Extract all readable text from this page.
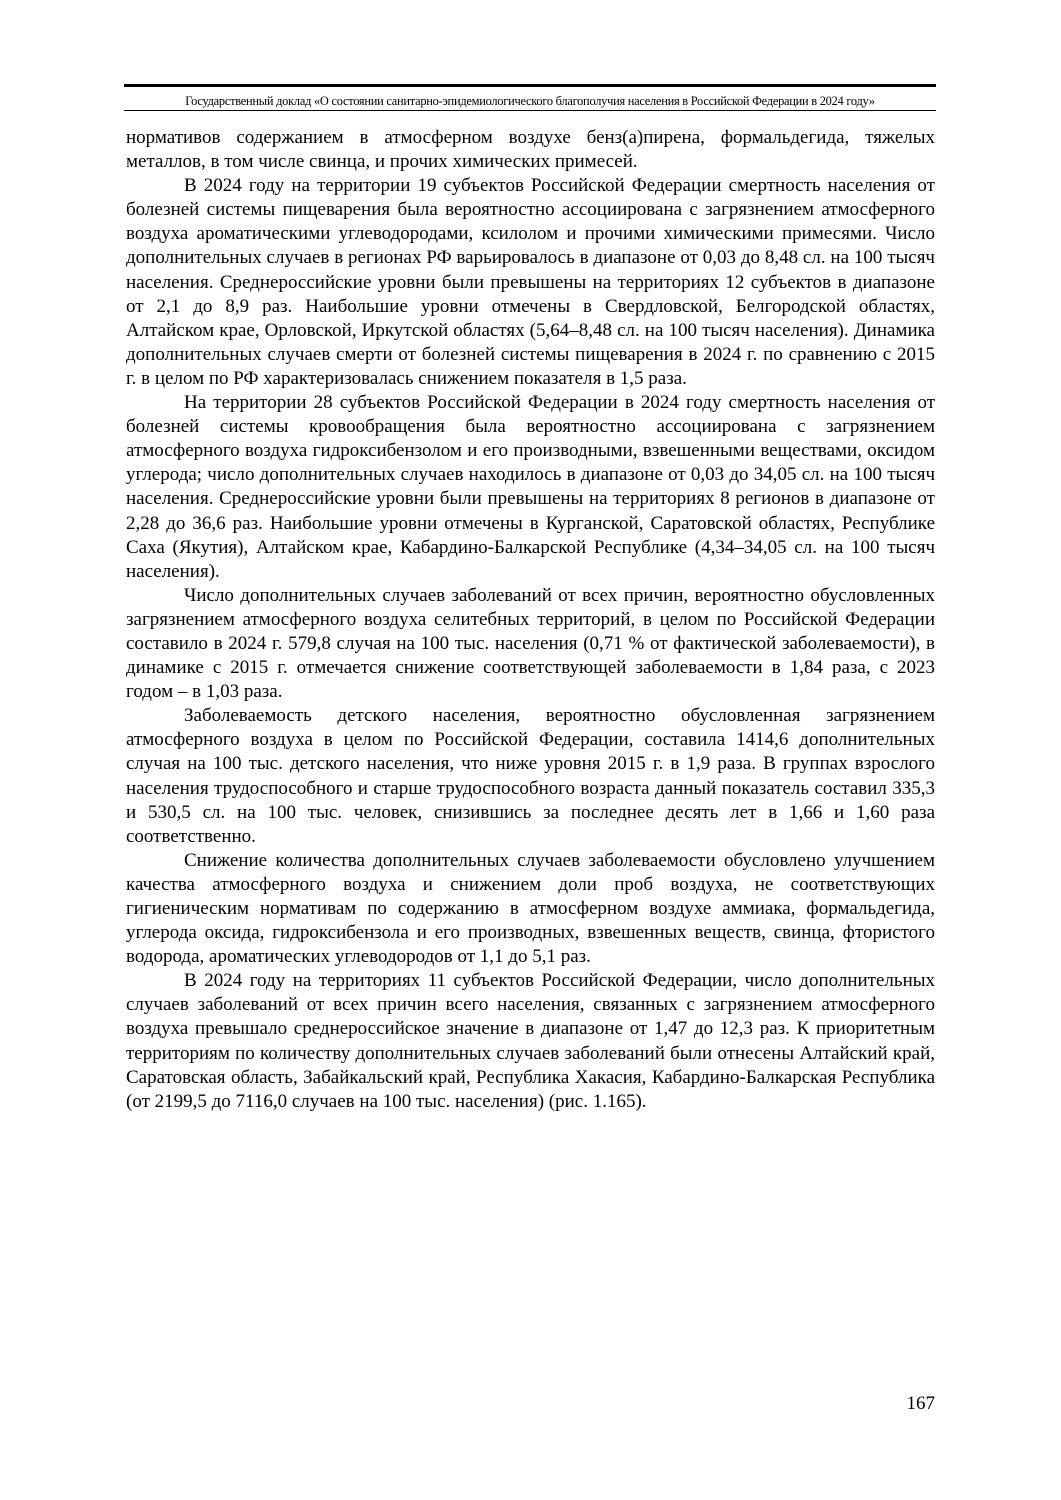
Государственный доклад «О состоянии санитарно-эпидемиологического благополучия населения в Российской Федерации в 2024 году»

нормативов содержанием в атмосферном воздухе бенз(а)пирена, формальдегида, тяжелых металлов, в том числе свинца, и прочих химических примесей.

В 2024 году на территории 19 субъектов Российской Федерации смертность населения от болезней системы пищеварения была вероятностно ассоциирована с загрязнением атмосферного воздуха ароматическими углеводородами, ксилолом и прочими химическими примесями. Число дополнительных случаев в регионах РФ варьировалось в диапазоне от 0,03 до 8,48 сл. на 100 тысяч населения. Среднероссийские уровни были превышены на территориях 12 субъектов в диапазоне от 2,1 до 8,9 раз. Наибольшие уровни отмечены в Свердловской, Белгородской областях, Алтайском крае, Орловской, Иркутской областях (5,64–8,48 сл. на 100 тысяч населения). Динамика дополнительных случаев смерти от болезней системы пищеварения в 2024 г. по сравнению с 2015 г. в целом по РФ характеризовалась снижением показателя в 1,5 раза.

На территории 28 субъектов Российской Федерации в 2024 году смертность населения от болезней системы кровообращения была вероятностно ассоциирована с загрязнением атмосферного воздуха гидроксибензолом и его производными, взвешенными веществами, оксидом углерода; число дополнительных случаев находилось в диапазоне от 0,03 до 34,05 сл. на 100 тысяч населения. Среднероссийские уровни были превышены на территориях 8 регионов в диапазоне от 2,28 до 36,6 раз. Наибольшие уровни отмечены в Курганской, Саратовской областях, Республике Саха (Якутия), Алтайском крае, Кабардино-Балкарской Республике (4,34–34,05 сл. на 100 тысяч населения).

Число дополнительных случаев заболеваний от всех причин, вероятностно обусловленных загрязнением атмосферного воздуха селитебных территорий, в целом по Российской Федерации составило в 2024 г. 579,8 случая на 100 тыс. населения (0,71 % от фактической заболеваемости), в динамике с 2015 г. отмечается снижение соответствующей заболеваемости в 1,84 раза, с 2023 годом – в 1,03 раза.

Заболеваемость детского населения, вероятностно обусловленная загрязнением атмосферного воздуха в целом по Российской Федерации, составила 1414,6 дополнительных случая на 100 тыс. детского населения, что ниже уровня 2015 г. в 1,9 раза. В группах взрослого населения трудоспособного и старше трудоспособного возраста данный показатель составил 335,3 и 530,5 сл. на 100 тыс. человек, снизившись за последнее десять лет в 1,66 и 1,60 раза соответственно.

Снижение количества дополнительных случаев заболеваемости обусловлено улучшением качества атмосферного воздуха и снижением доли проб воздуха, не соответствующих гигиеническим нормативам по содержанию в атмосферном воздухе аммиака, формальдегида, углерода оксида, гидроксибензола и его производных, взвешенных веществ, свинца, фтористого водорода, ароматических углеводородов от 1,1 до 5,1 раз.

В 2024 году на территориях 11 субъектов Российской Федерации, число дополнительных случаев заболеваний от всех причин всего населения, связанных с загрязнением атмосферного воздуха превышало среднероссийское значение в диапазоне от 1,47 до 12,3 раз. К приоритетным территориям по количеству дополнительных случаев заболеваний были отнесены Алтайский край, Саратовская область, Забайкальский край, Республика Хакасия, Кабардино-Балкарская Республика (от 2199,5 до 7116,0 случаев на 100 тыс. населения) (рис. 1.165).

167
